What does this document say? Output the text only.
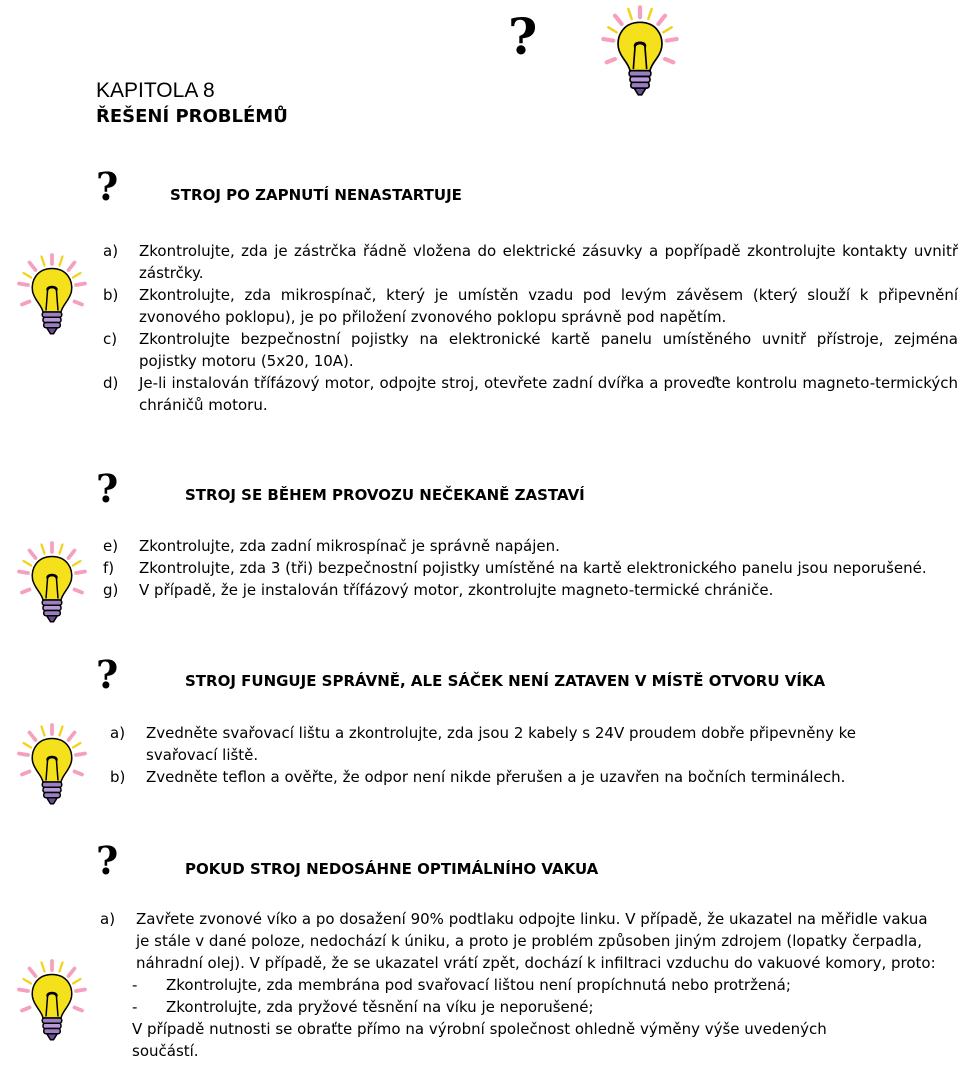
KAPITOLA 8
ŘEŠENÍ PROBLÉMŮ
?
?	STROJ PO ZAPNUTÍ NENASTARTUJE

a) Zkontrolujte, zda je zástrčka řádně vložena do elektrické zásuvky a popřípadě zkontrolujte kontakty uvnitř zástrčky.

b) Zkontrolujte, zda mikrospínač, který je umístěn vzadu pod levým závěsem (který slouží k připevnění zvonového poklopu), je po přiložení zvonového poklopu správně pod napětím.

c) Zkontrolujte bezpečnostní pojistky na elektronické kartě panelu umístěného uvnitř přístroje, zejména pojistky motoru (5x20, 10A).

d) Je-li instalován třífázový motor, odpojte stroj, otevřete zadní dvířka a proveďte kontrolu magneto-termických chráničů motoru.

?	STROJ SE BĚHEM PROVOZU NEČEKANĚ ZASTAVÍ

e) Zkontrolujte, zda zadní mikrospínač je správně napájen.

f) Zkontrolujte, zda 3 (tři) bezpečnostní pojistky umístěné na kartě elektronického panelu jsou neporušené.

g) V případě, že je instalován třífázový motor, zkontrolujte magneto-termické chrániče.

?	STROJ FUNGUJE SPRÁVNĚ, ALE SÁČEK NENÍ ZATAVEN V MÍSTĚ OTVORU VÍKA

a) Zvedněte svařovací lištu a zkontrolujte, zda jsou 2 kabely s 24V proudem dobře připevněny ke svařovací liště.

b) Zvedněte teflon a ověřte, že odpor není nikde přerušen a je uzavřen na bočních terminálech.

?	POKUD STROJ NEDOSÁHNE OPTIMÁLNÍHO VAKUA

a) Zavřete zvonové víko a po dosažení 90% podtlaku odpojte linku. V případě, že ukazatel na měřidle vakua je stále v dané poloze, nedochází k úniku, a proto je problém způsoben jiným zdrojem (lopatky čerpadla, náhradní olej). V případě, že se ukazatel vrátí zpět, dochází k infiltraci vzduchu do vakuové komory, proto:

- Zkontrolujte, zda membrána pod svařovací lištou není propíchnutá nebo protržená;
- Zkontrolujte, zda pryžové těsnění na víku je neporušené;
V případě nutnosti se obraťte přímo na výrobní společnost ohledně výměny výše uvedených součástí.
